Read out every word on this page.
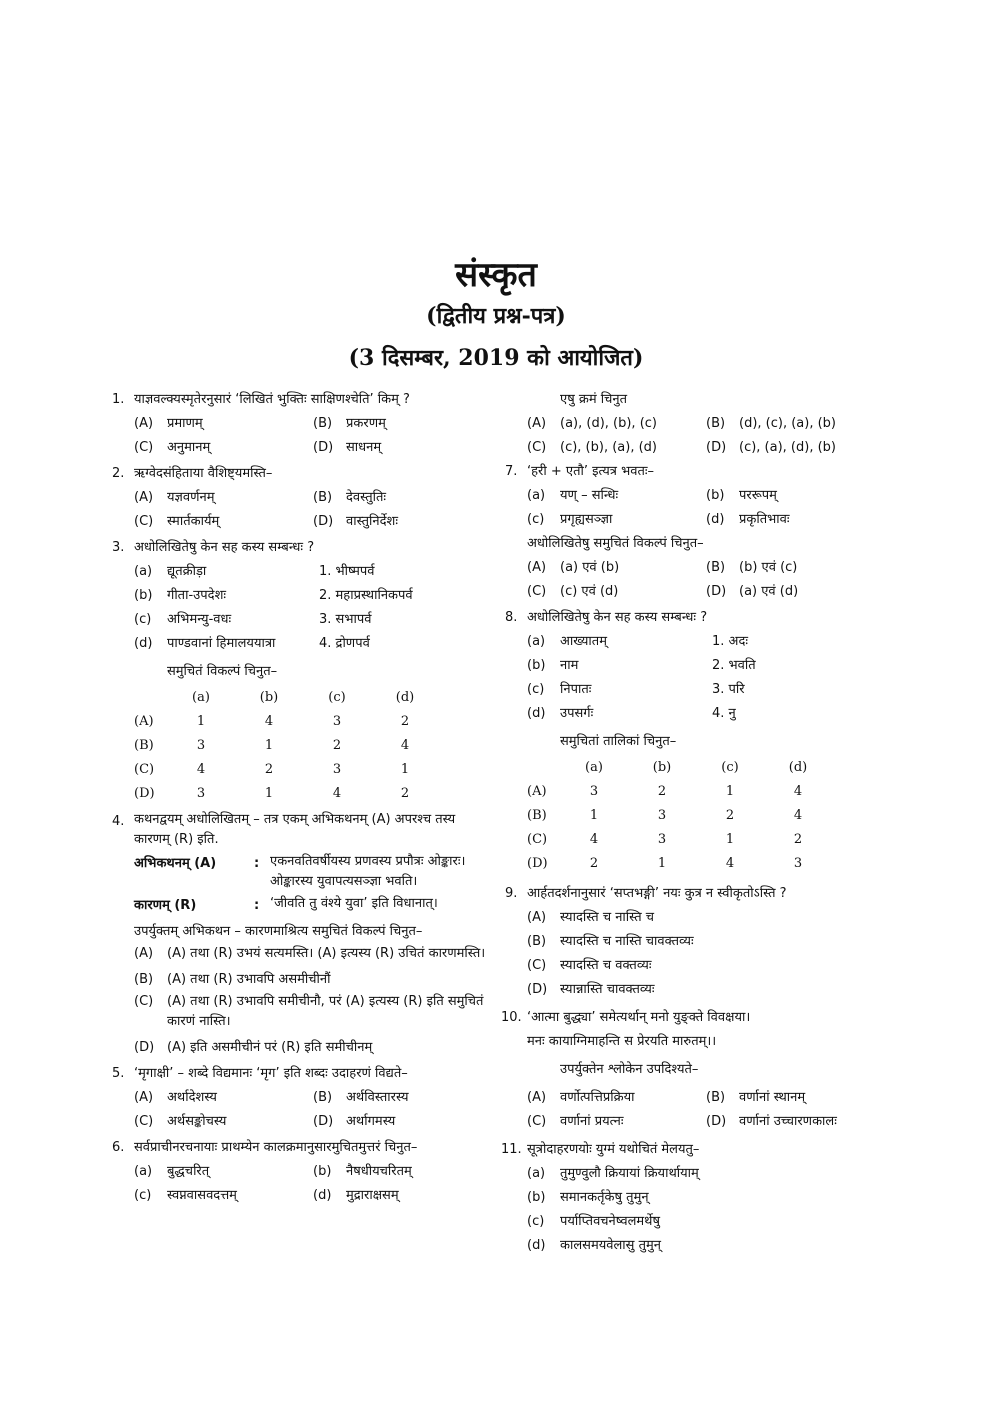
संस्कृत
(द्वितीय प्रश्न-पत्र)
(3 दिसम्बर, 2019 को आयोजित)
1. याज्ञवल्क्यस्मृतेरनुसारं ‘लिखितं भुक्तिः साक्षिणश्चेति’ किम् ?
(A)	प्रमाणम्	(B)	प्रकरणम्
(C)	अनुमानम्	(D) साधनम्
2. ऋग्वेदसंहिताया वैशिष्ट्यमस्ति–
(A)	यज्ञवर्णनम्	(B)	देवस्तुतिः
(C)	स्मार्तकार्यम्	(D) वास्तुनिर्देशः
3. अधोलिखितेषु केन सह कस्य सम्बन्धः ?
(a)	द्यूतक्रीड़ा	1. भीष्मपर्व
(b)	गीता-उपदेशः	2. महाप्रस्थानिकपर्व
(c)	अभिमन्यु-वधः	3. सभापर्व
(d)	पाण्डवानां हिमालययात्रा	4. द्रोणपर्व
समुचितं विकल्पं चिनुत–
	(a)	(b)	(c)	(d)
(A)	1	4	3	2
(B)	3	1	2	4
(C)	4	2	3	1
(D)	3	1	4	2
4. कथनद्वयम् अधोलिखितम् – तत्र एकम् अभिकथनम् (A) अपरश्च तस्य कारणम् (R) इति.
अभिकथनम् (A)	: एकनवतिवर्षीयस्य प्रणवस्य प्रपौत्रः ओङ्कारः। ओङ्कारस्य युवापत्यसञ्ज्ञा भवति।
कारणम् (R)	: ‘जीवति तु वंश्ये युवा’ इति विधानात्।
उपर्युक्तम् अभिकथन – कारणमाश्रित्य समुचितं विकल्पं चिनुत–
(A)	(A) तथा (R) उभयं सत्यमस्ति। (A) इत्यस्य (R) उचितं कारणमस्ति।
(B)	(A) तथा (R) उभावपि असमीचीनौं
(C)	(A) तथा (R) उभावपि समीचीनौ, परं (A) इत्यस्य (R) इति समुचितं कारणं नास्ति।
(D) (A) इति असमीचीनं परं (R) इति समीचीनम्
5. ‘मृगाक्षी’ – शब्दे विद्यमानः ‘मृग’ इति शब्दः उदाहरणं विद्यते–
(A)	अर्थादेशस्य	(B)	अर्थविस्तारस्य
(C)	अर्थसङ्कोचस्य	(D) अर्थागमस्य
6. सर्वप्राचीनरचनायाः प्राथम्येन कालक्रमानुसारमुचितमुत्तरं चिनुत–
(a)	बुद्धचरित्	(b)	नैषधीयचरितम्
(c)	स्वप्नवासवदत्तम्	(d)	मुद्राराक्षसम्
एषु क्रमं चिनुत
(A)	(a), (d), (b), (c)	(B)	(d), (c), (a), (b)
(C)	(c), (b), (a), (d)	(D) (c), (a), (d), (b)
7. ‘हरी + एतौ’ इत्यत्र भवतः–
(a)	यण् – सन्धिः	(b)	पररूपम्
(c)	प्रगृह्यसञ्ज्ञा	(d)	प्रकृतिभावः
अधोलिखितेषु समुचितं विकल्पं चिनुत–
(A)	(a) एवं (b)	(B)	(b) एवं (c)
(C)	(c) एवं (d)	(D) (a) एवं (d)
8. अधोलिखितेषु केन सह कस्य सम्बन्धः ?
(a)	आख्यातम्	1. अदः
(b)	नाम	2. भवति
(c)	निपातः	3. परि
(d)	उपसर्गः	4. नु
समुचितां तालिकां चिनुत–
	(a)	(b)	(c)	(d)
(A)	3	2	1	4
(B)	1	3	2	4
(C)	4	3	1	2
(D)	2	1	4	3
9. आर्हतदर्शनानुसारं ‘सप्तभङ्गी’ नयः कुत्र न स्वीकृतोऽस्ति ?
(A)	स्यादस्ति च नास्ति च
(B)	स्यादस्ति च नास्ति चावक्तव्यः
(C)	स्यादस्ति च वक्तव्यः
(D) स्यान्नास्ति चावक्तव्यः
10. ‘आत्मा बुद्ध्या’ समेत्यर्थान् मनो युङ्क्ते विवक्षया।
मनः कायाग्निमाहन्ति स प्रेरयति मारुतम्।।
उपर्युक्तेन श्लोकेन उपदिश्यते–
(A)	वर्णोत्पत्तिप्रक्रिया	(B)	वर्णानां स्थानम्
(C)	वर्णानां प्रयत्नः	(D) वर्णानां उच्चारणकालः
11. सूत्रोदाहरणयोः युग्मं यथोचितं मेलयतु–
(a)	तुमुण्वुलौ क्रियायां क्रियार्थायाम्
(b)	समानकर्तृकेषु तुमुन्
(c)	पर्याप्तिवचनेष्वलमर्थेषु
(d)	कालसमयवेलासु तुमुन्
